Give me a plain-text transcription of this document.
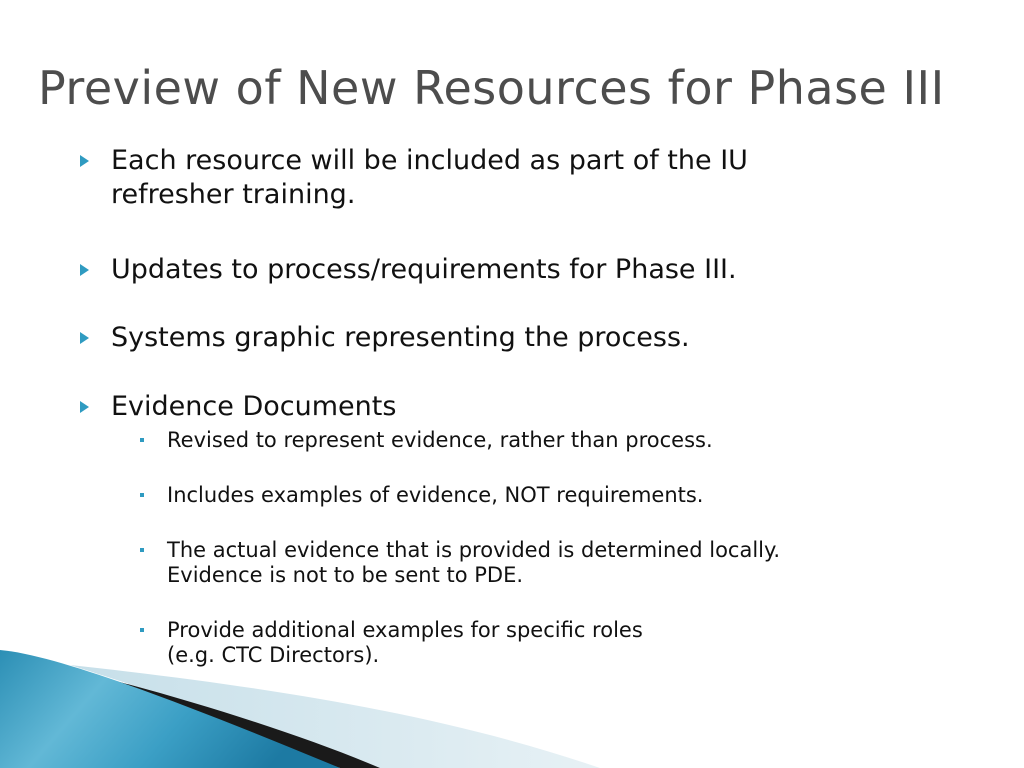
Preview of New Resources for Phase III
Each resource will be included as part of the IU
refresher training.
Updates to process/requirements for Phase III.
Systems graphic representing the process.
Evidence Documents
Revised to represent evidence, rather than process.
Includes examples of evidence, NOT requirements.
The actual evidence that is provided is determined locally.
Evidence is not to be sent to PDE.
Provide additional examples for specific roles
(e.g. CTC Directors).
